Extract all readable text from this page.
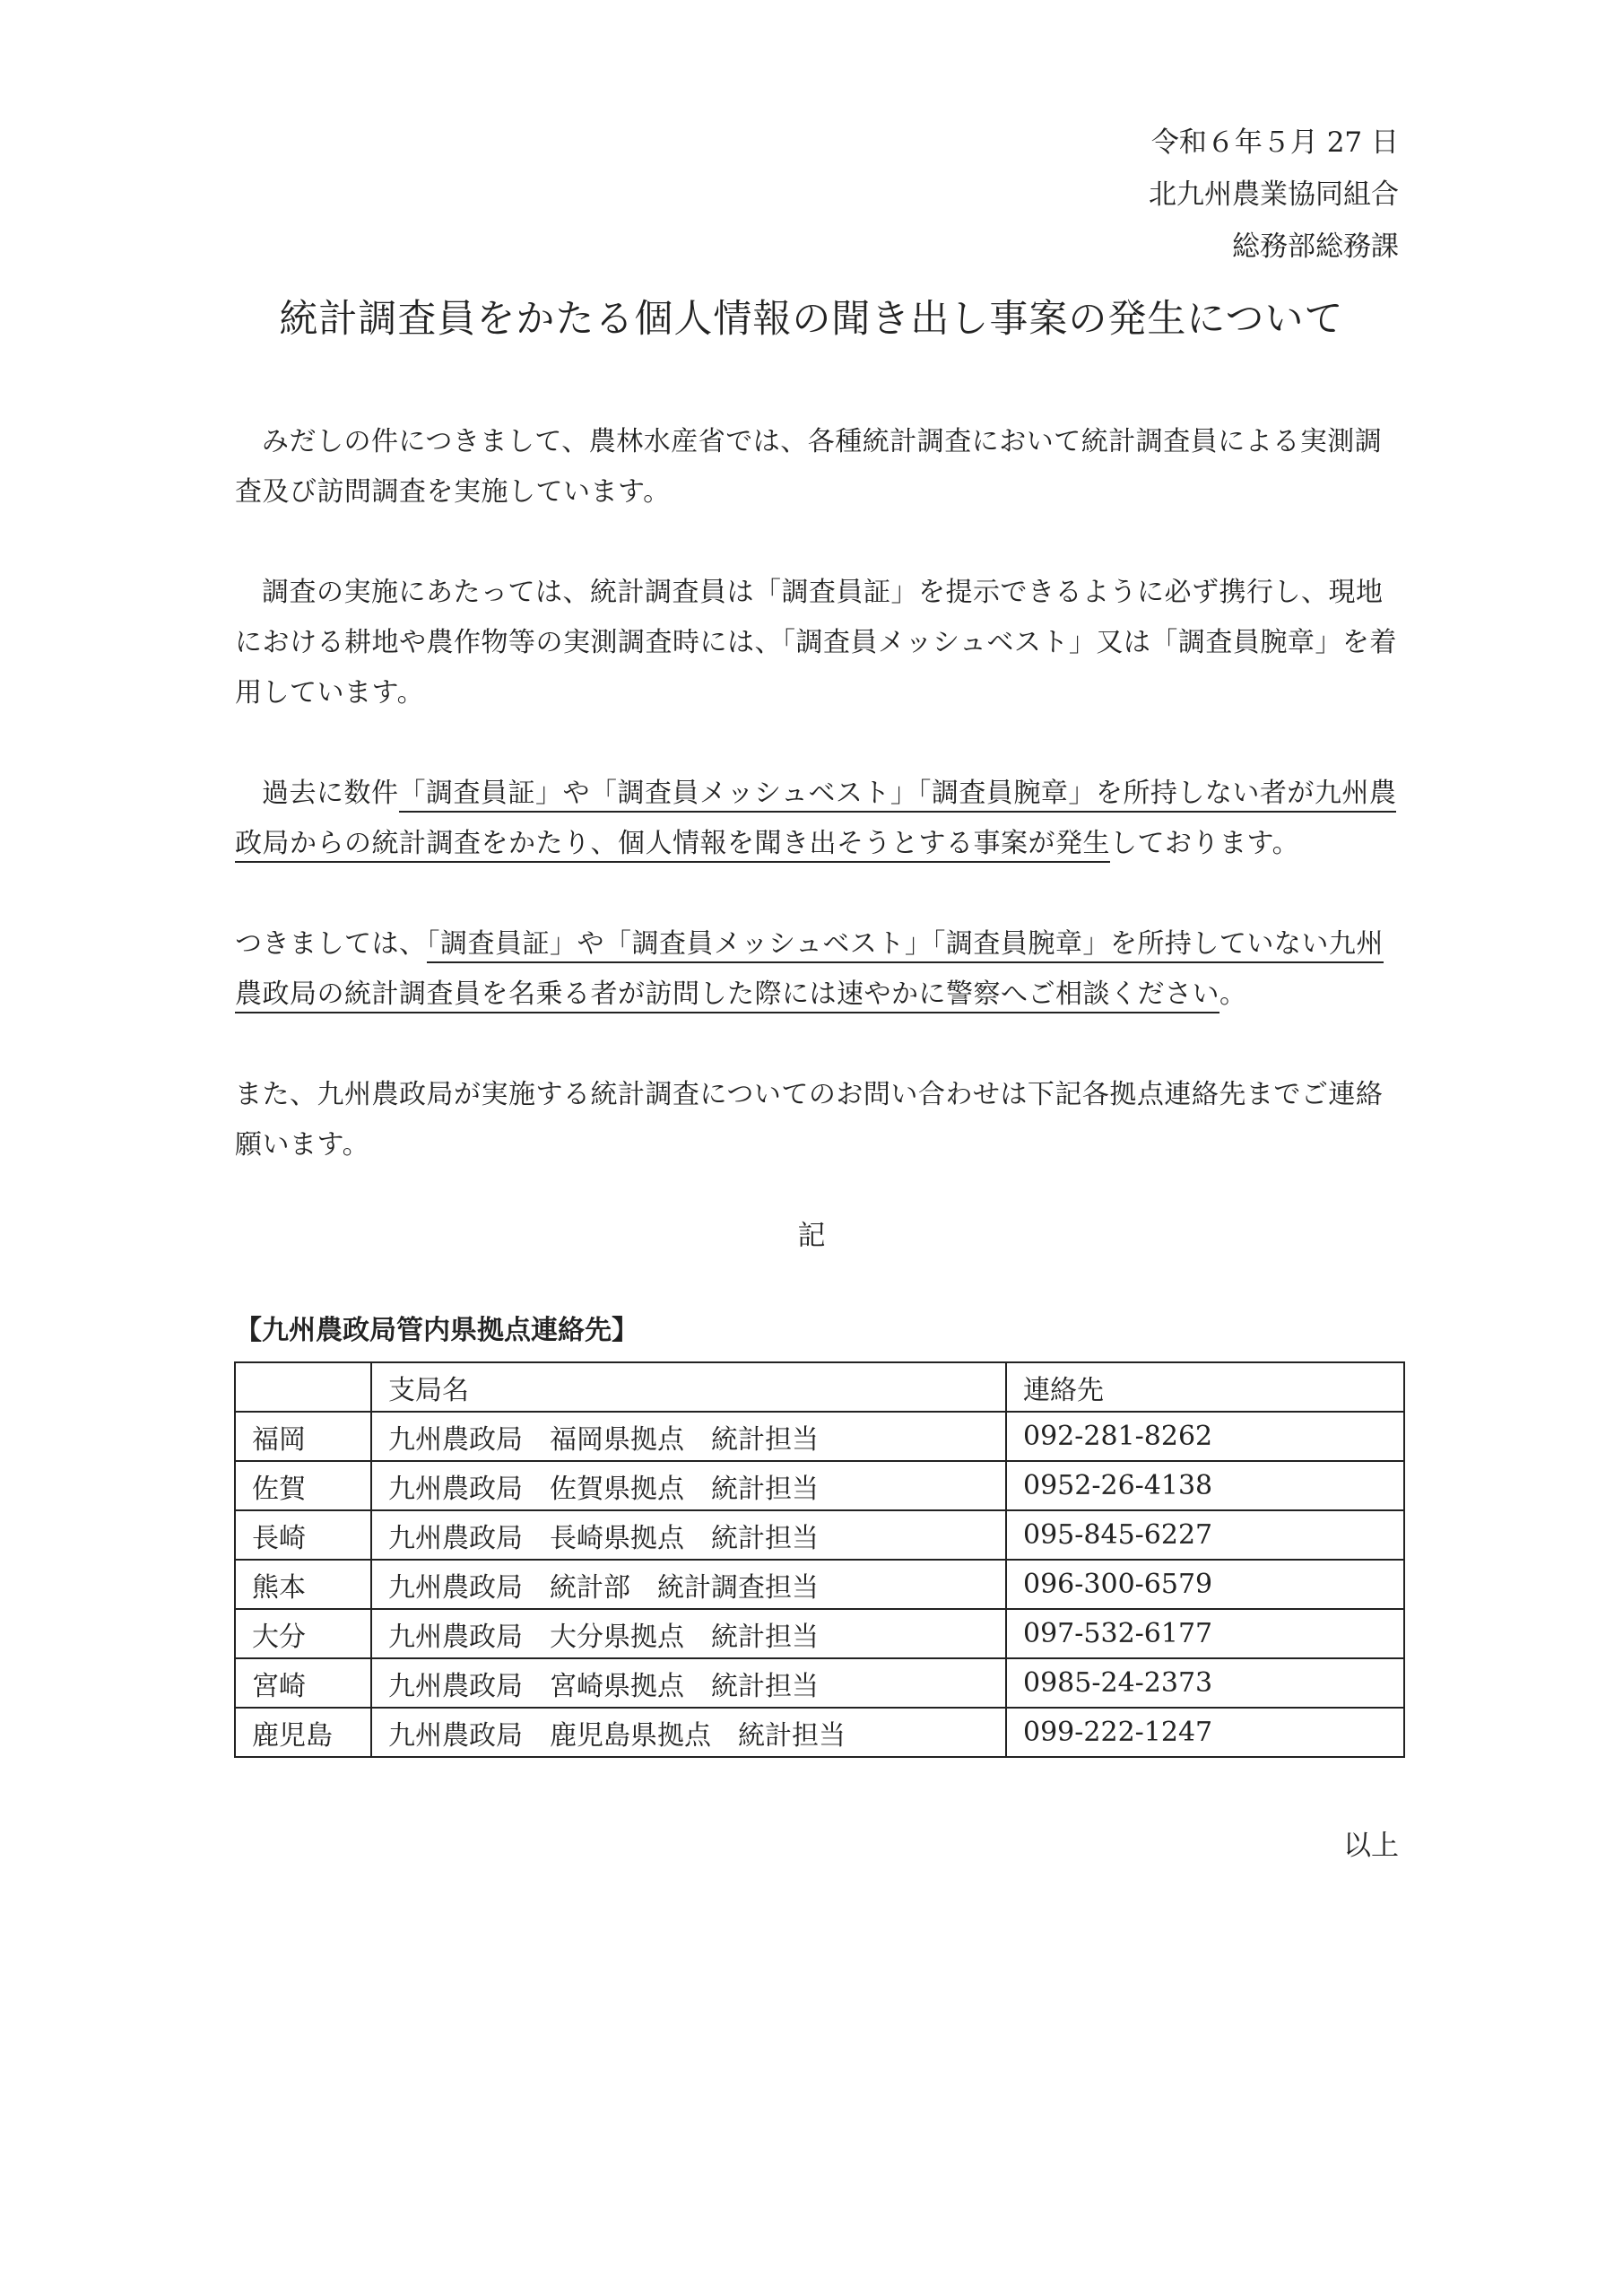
令和６年５月 27 日
北九州農業協同組合
総務部総務課
統計調査員をかたる個人情報の聞き出し事案の発生について
みだしの件につきまして、農林水産省では、各種統計調査において統計調査員による実測調査及び訪問調査を実施しています。
調査の実施にあたっては、統計調査員は「調査員証」を提示できるように必ず携行し、現地における耕地や農作物等の実測調査時には、「調査員メッシュベスト」又は「調査員腕章」を着用しています。
過去に数件「調査員証」や「調査員メッシュベスト」「調査員腕章」を所持しない者が九州農政局からの統計調査をかたり、個人情報を聞き出そうとする事案が発生しております。
つきましては、「調査員証」や「調査員メッシュベスト」「調査員腕章」を所持していない九州農政局の統計調査員を名乗る者が訪問した際には速やかに警察へご相談ください。
また、九州農政局が実施する統計調査についてのお問い合わせは下記各拠点連絡先までご連絡願います。
記
【九州農政局管内県拠点連絡先】
	支局名	連絡先
福岡	九州農政局 福岡県拠点 統計担当	092-281-8262
佐賀	九州農政局 佐賀県拠点 統計担当	0952-26-4138
長崎	九州農政局 長崎県拠点 統計担当	095-845-6227
熊本	九州農政局 統計部 統計調査担当	096-300-6579
大分	九州農政局 大分県拠点 統計担当	097-532-6177
宮崎	九州農政局 宮崎県拠点 統計担当	0985-24-2373
鹿児島	九州農政局 鹿児島県拠点 統計担当	099-222-1247
以上
